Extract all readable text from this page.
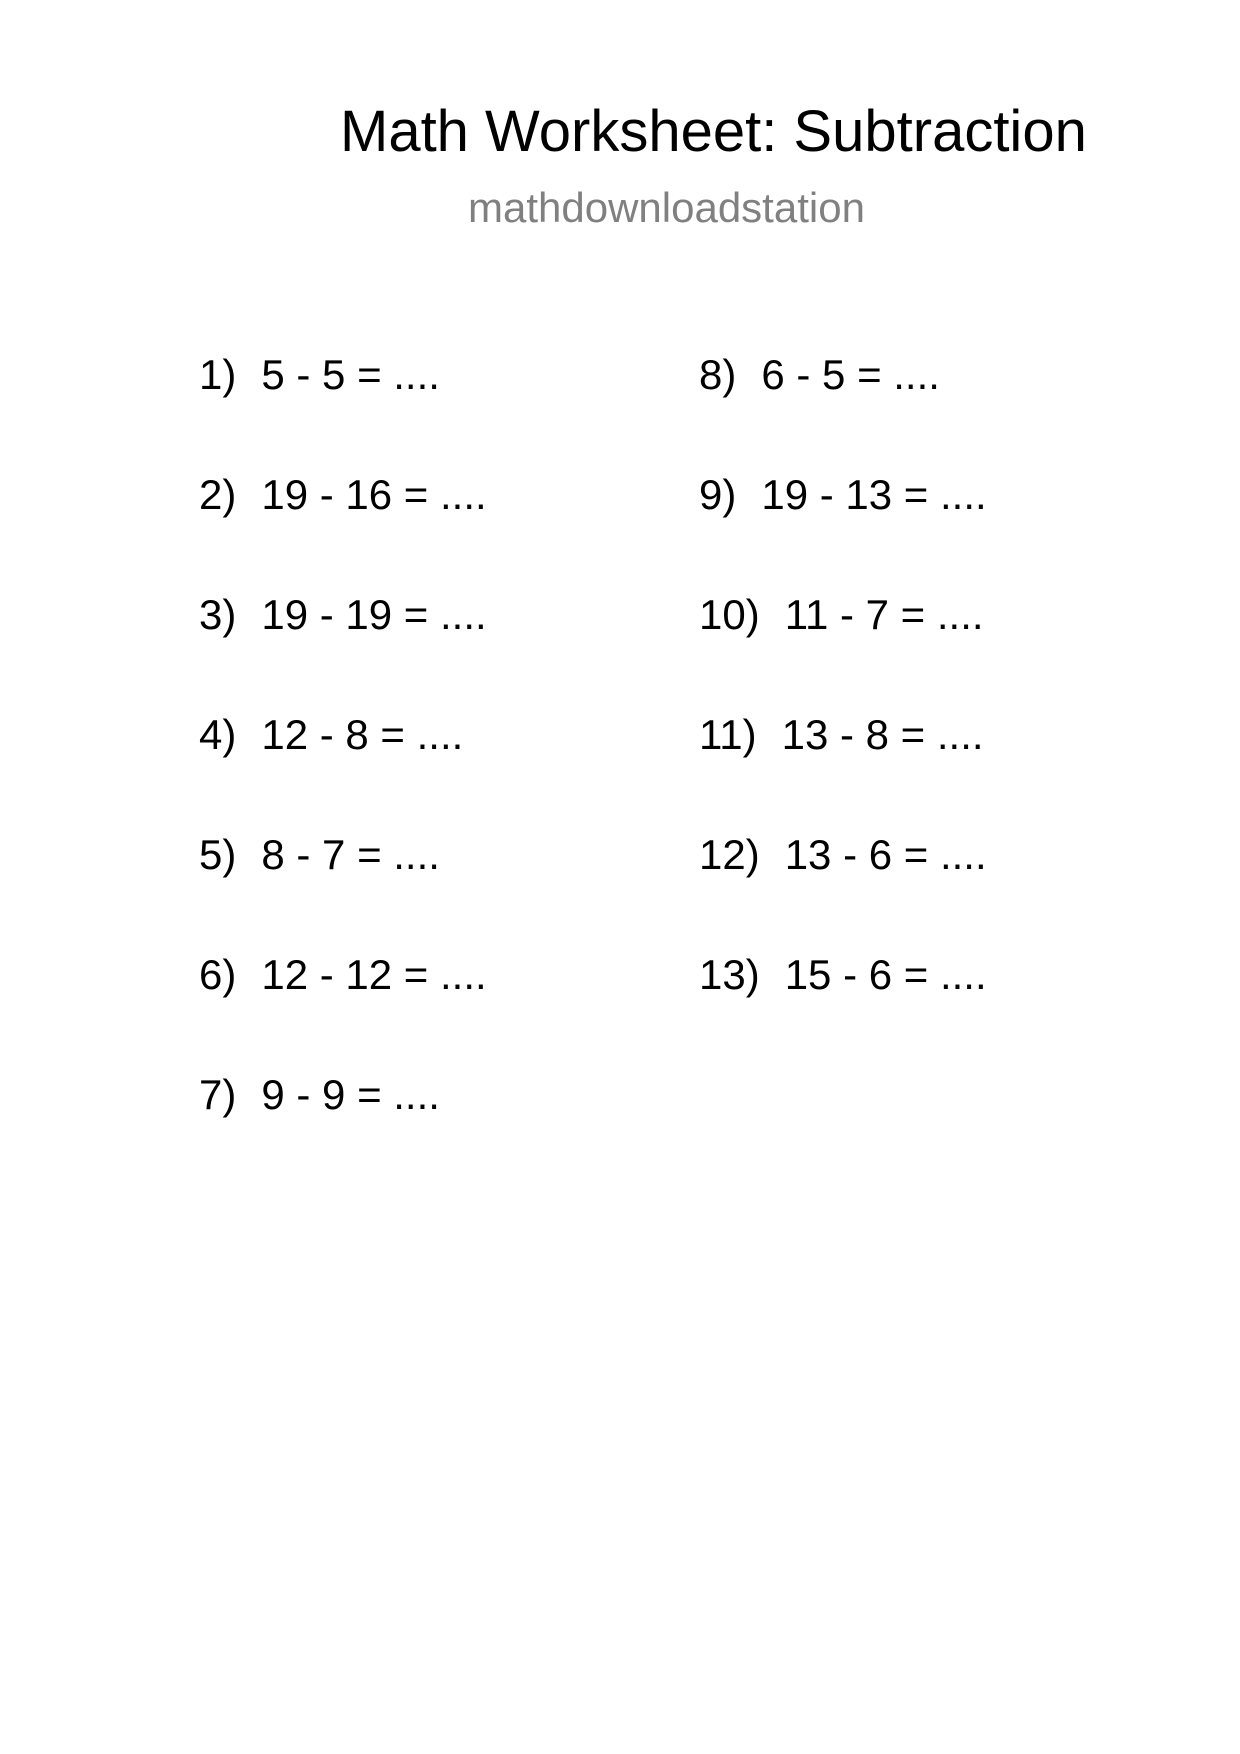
Math Worksheet: Subtraction
mathdownloadstation
1) 5 - 5 = ....
2) 19 - 16 = ....
3) 19 - 19 = ....
4) 12 - 8 = ....
5) 8 - 7 = ....
6) 12 - 12 = ....
7) 9 - 9 = ....
8) 6 - 5 = ....
9) 19 - 13 = ....
10) 11 - 7 = ....
11) 13 - 8 = ....
12) 13 - 6 = ....
13) 15 - 6 = ....
